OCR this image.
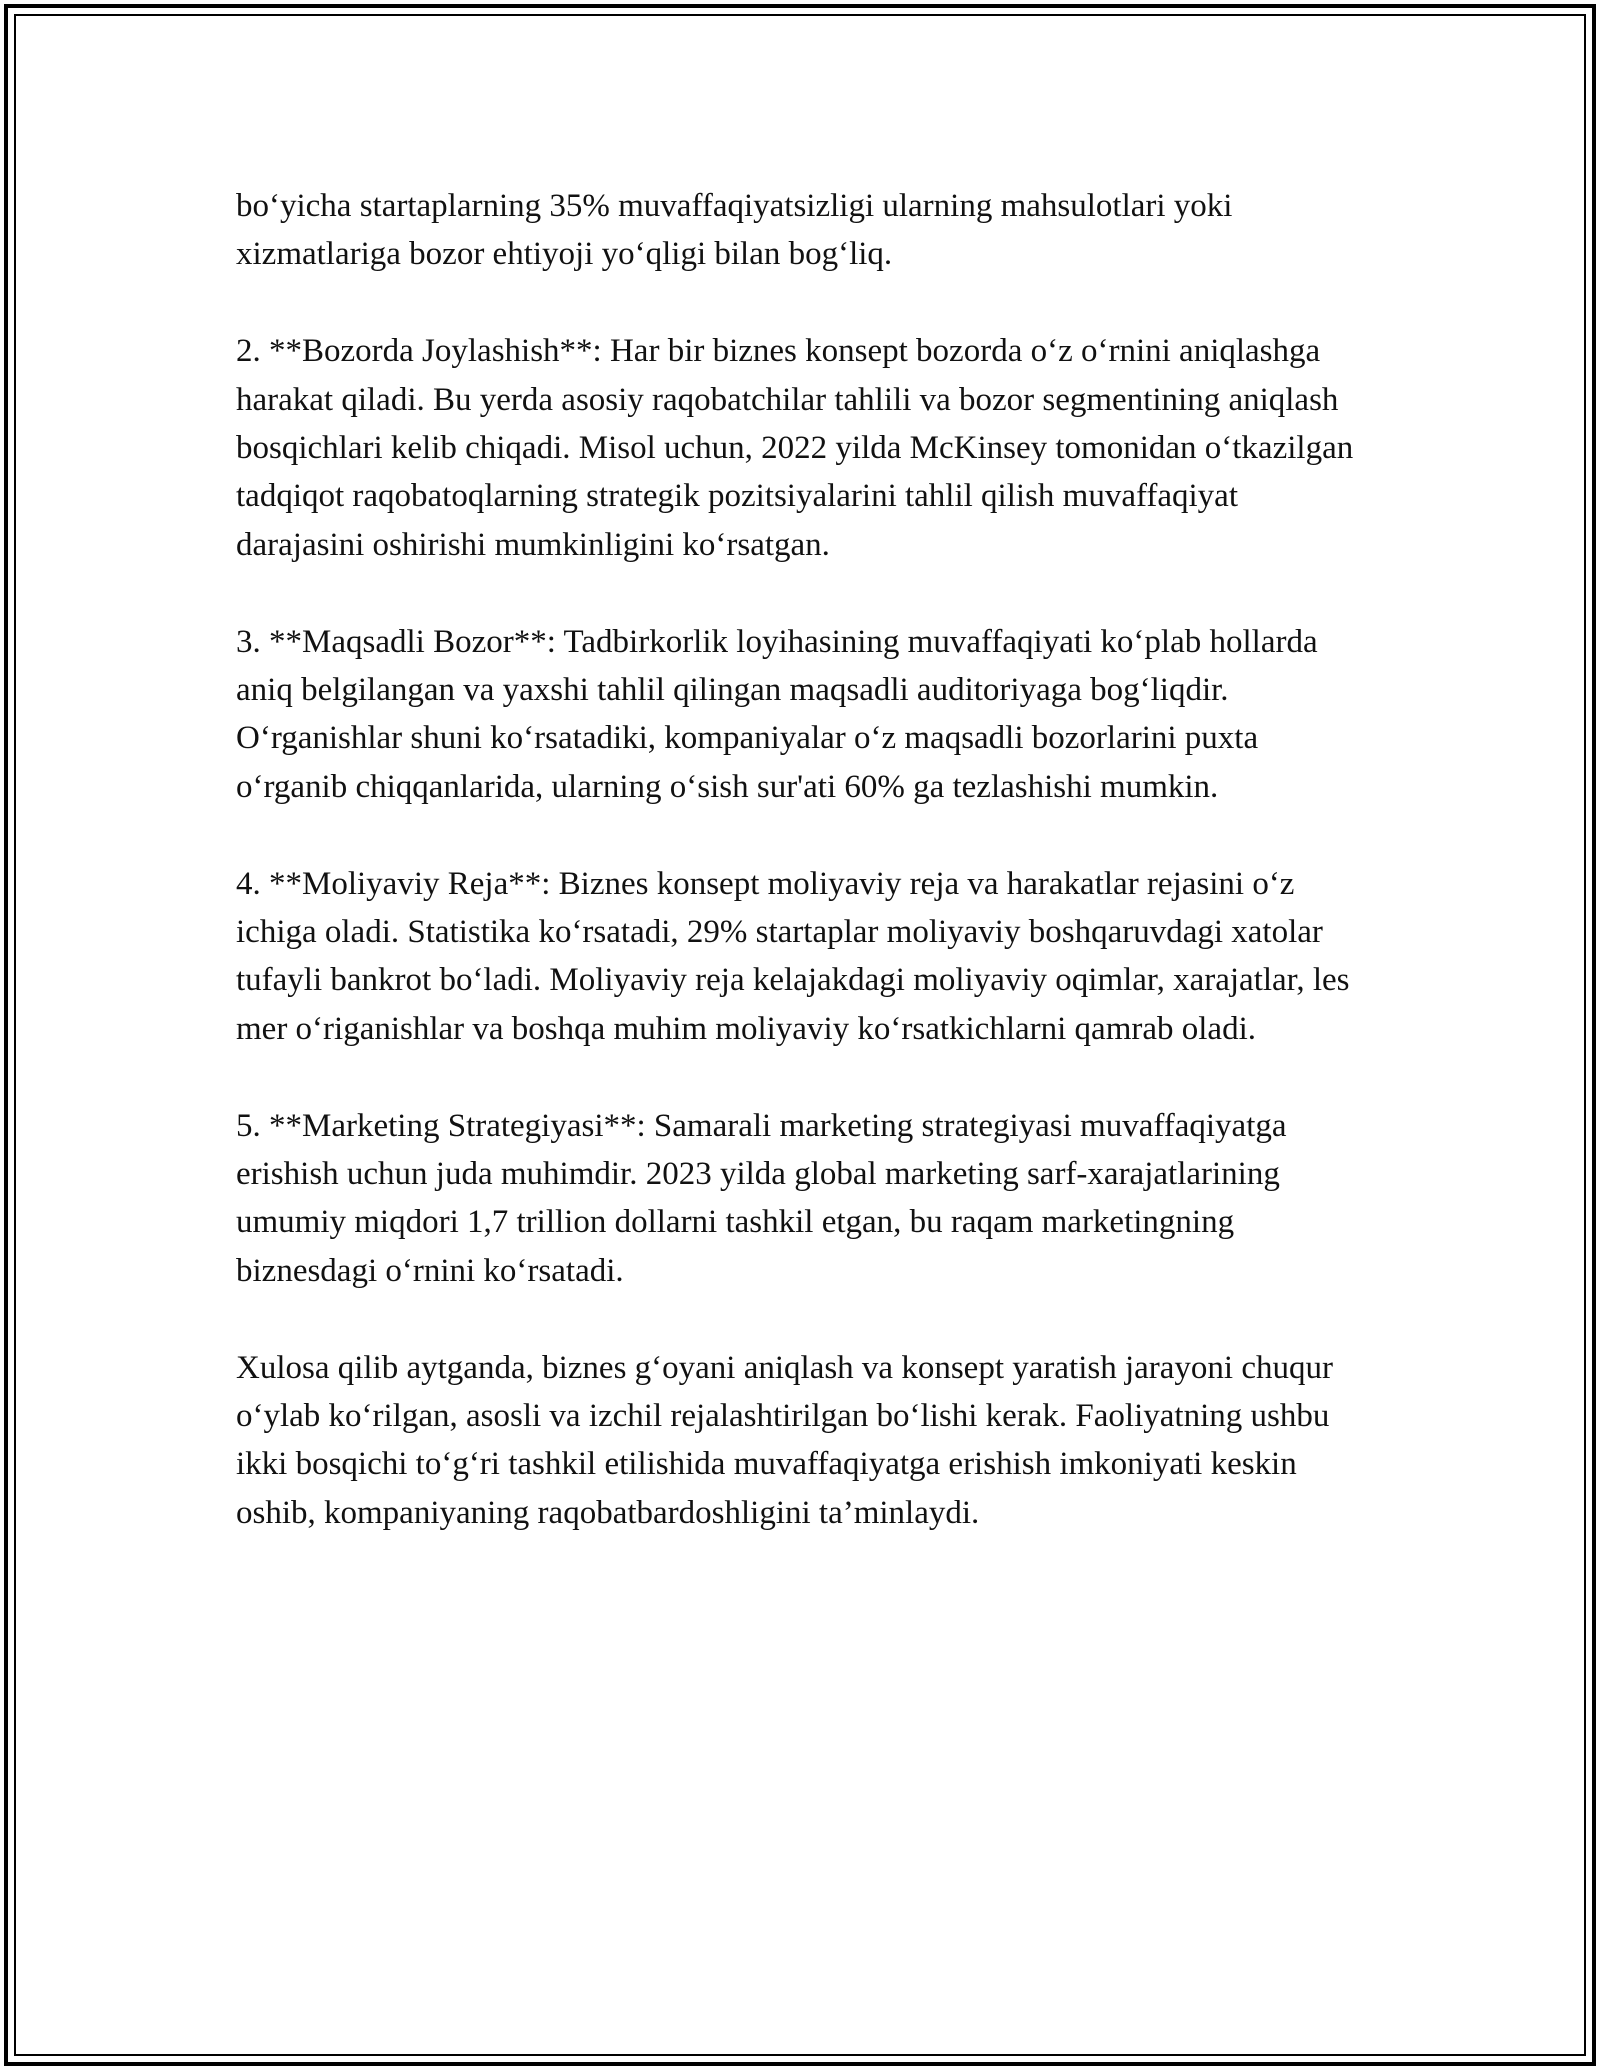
bo‘yicha startaplarning 35% muvaffaqiyatsizligi ularning mahsulotlari yoki xizmatlariga bozor ehtiyoji yo‘qligi bilan bog‘liq.

2. **Bozorda Joylashish**: Har bir biznes konsept bozorda o‘z o‘rnini aniqlashga harakat qiladi. Bu yerda asosiy raqobatchilar tahlili va bozor segmentining aniqlash bosqichlari kelib chiqadi. Misol uchun, 2022 yilda McKinsey tomonidan o‘tkazilgan tadqiqot raqobatoqlarning strategik pozitsiyalarini tahlil qilish muvaffaqiyat darajasini oshirishi mumkinligini ko‘rsatgan.

3. **Maqsadli Bozor**: Tadbirkorlik loyihasining muvaffaqiyati ko‘plab hollarda aniq belgilangan va yaxshi tahlil qilingan maqsadli auditoriyaga bog‘liqdir. O‘rganishlar shuni ko‘rsatadiki, kompaniyalar o‘z maqsadli bozorlarini puxta o‘rganib chiqqanlarida, ularning o‘sish sur'ati 60% ga tezlashishi mumkin.

4. **Moliyaviy Reja**: Biznes konsept moliyaviy reja va harakatlar rejasini o‘z ichiga oladi. Statistika ko‘rsatadi, 29% startaplar moliyaviy boshqaruvdagi xatolar tufayli bankrot bo‘ladi. Moliyaviy reja kelajakdagi moliyaviy oqimlar, xarajatlar, les mer o‘riganishlar va boshqa muhim moliyaviy ko‘rsatkichlarni qamrab oladi.

5. **Marketing Strategiyasi**: Samarali marketing strategiyasi muvaffaqiyatga erishish uchun juda muhimdir. 2023 yilda global marketing sarf-xarajatlarining umumiy miqdori 1,7 trillion dollarni tashkil etgan, bu raqam marketingning biznesdagi o‘rnini ko‘rsatadi.

Xulosa qilib aytganda, biznes g‘oyani aniqlash va konsept yaratish jarayoni chuqur o‘ylab ko‘rilgan, asosli va izchil rejalashtirilgan bo‘lishi kerak. Faoliyatning ushbu ikki bosqichi to‘g‘ri tashkil etilishida muvaffaqiyatga erishish imkoniyati keskin oshib, kompaniyaning raqobatbardoshligini ta’minlaydi.
